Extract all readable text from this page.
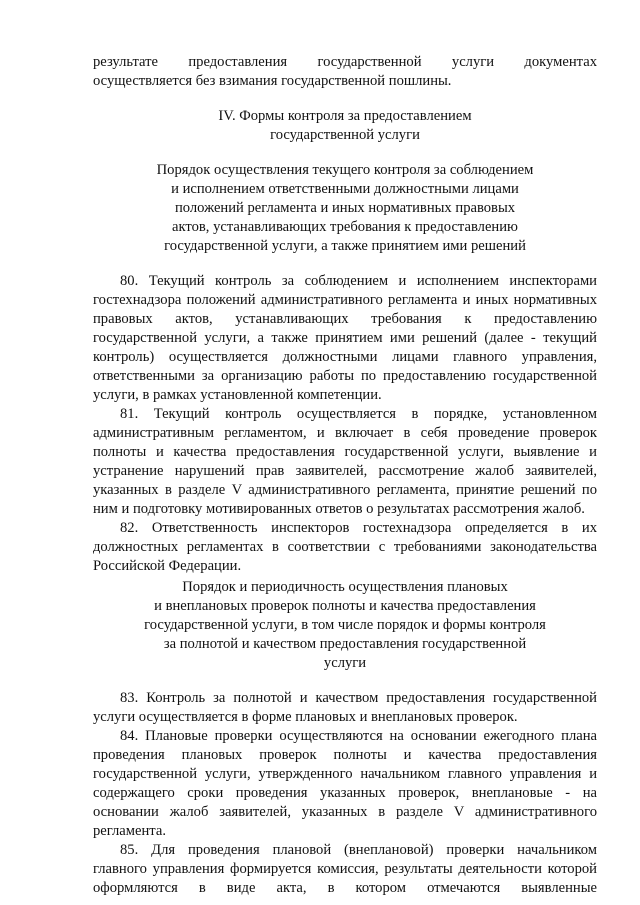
результате предоставления государственной услуги документах

осуществляется без взимания государственной пошлины.

IV. Формы контроля за предоставлением

государственной услуги

Порядок осуществления текущего контроля за соблюдением

и исполнением ответственными должностными лицами

положений регламента и иных нормативных правовых

актов, устанавливающих требования к предоставлению

государственной услуги, а также принятием ими решений

80. Текущий контроль за соблюдением и исполнением инспекторами гостехнадзора положений административного регламента и иных нормативных правовых актов, устанавливающих требования к предоставлению государственной услуги, а также принятием ими решений (далее - текущий контроль) осуществляется должностными лицами главного управления, ответственными за организацию работы по предоставлению государственной услуги, в рамках установленной компетенции.

81. Текущий контроль осуществляется в порядке, установленном административным регламентом, и включает в себя проведение проверок полноты и качества предоставления государственной услуги, выявление и устранение нарушений прав заявителей, рассмотрение жалоб заявителей, указанных в разделе V административного регламента, принятие решений по ним и подготовку мотивированных ответов о результатах рассмотрения жалоб.

82. Ответственность инспекторов гостехнадзора определяется в их должностных регламентах в соответствии с требованиями законодательства Российской Федерации.

Порядок и периодичность осуществления плановых

и внеплановых проверок полноты и качества предоставления

государственной услуги, в том числе порядок и формы контроля

за полнотой и качеством предоставления государственной

услуги

83. Контроль за полнотой и качеством предоставления государственной услуги осуществляется в форме плановых и внеплановых проверок.

84. Плановые проверки осуществляются на основании ежегодного плана проведения плановых проверок полноты и качества предоставления государственной услуги, утвержденного начальником главного управления и содержащего сроки проведения указанных проверок, внеплановые - на основании жалоб заявителей, указанных в разделе V административного регламента.

85. Для проведения плановой (внеплановой) проверки начальником главного управления формируется комиссия, результаты деятельности которой оформляются в виде акта, в котором отмечаются выявленные
